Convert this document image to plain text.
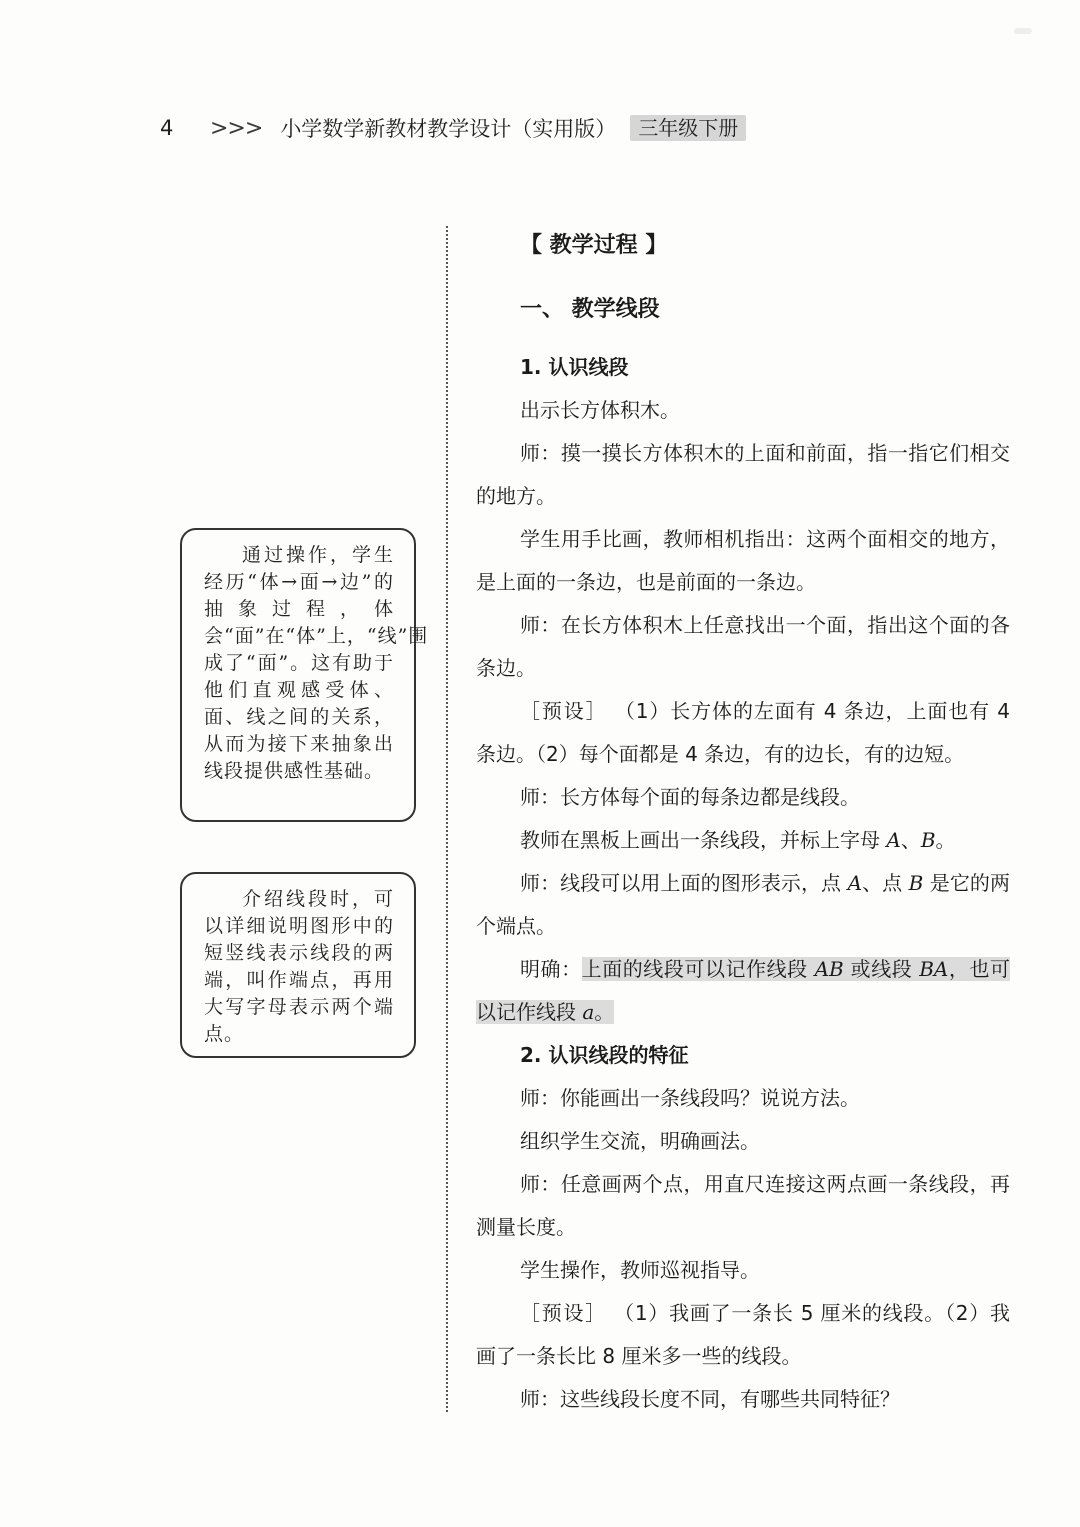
4	>>> 小学数学新教材教学设计（实用版）	三年级下册
通过操作，学生经历“体→面→边”的抽象过程，体会“面”在“体”上，“线”围成了“面”。这有助于他们直观感受体、面、线之间的关系，从而为接下来抽象出线段提供感性基础。
介绍线段时，可以详细说明图形中的短竖线表示线段的两端，叫作端点，再用大写字母表示两个端点。
【 教学过程 】
一、 教学线段
1. 认识线段
出示长方体积木。
师：摸一摸长方体积木的上面和前面，指一指它们相交的地方。
学生用手比画，教师相机指出：这两个面相交的地方，是上面的一条边，也是前面的一条边。
师：在长方体积木上任意找出一个面，指出这个面的各条边。
［预设］ （1）长方体的左面有 4 条边，上面也有 4 条边。（2）每个面都是 4 条边，有的边长，有的边短。
师：长方体每个面的每条边都是线段。
教师在黑板上画出一条线段，并标上字母 A、B。
师：线段可以用上面的图形表示，点 A、点 B 是它的两个端点。
明确：上面的线段可以记作线段 AB 或线段 BA，也可以记作线段 a。
2. 认识线段的特征
师：你能画出一条线段吗？说说方法。
组织学生交流，明确画法。
师：任意画两个点，用直尺连接这两点画一条线段，再测量长度。
学生操作，教师巡视指导。
［预设］ （1）我画了一条长 5 厘米的线段。（2）我画了一条长比 8 厘米多一些的线段。
师：这些线段长度不同，有哪些共同特征？
